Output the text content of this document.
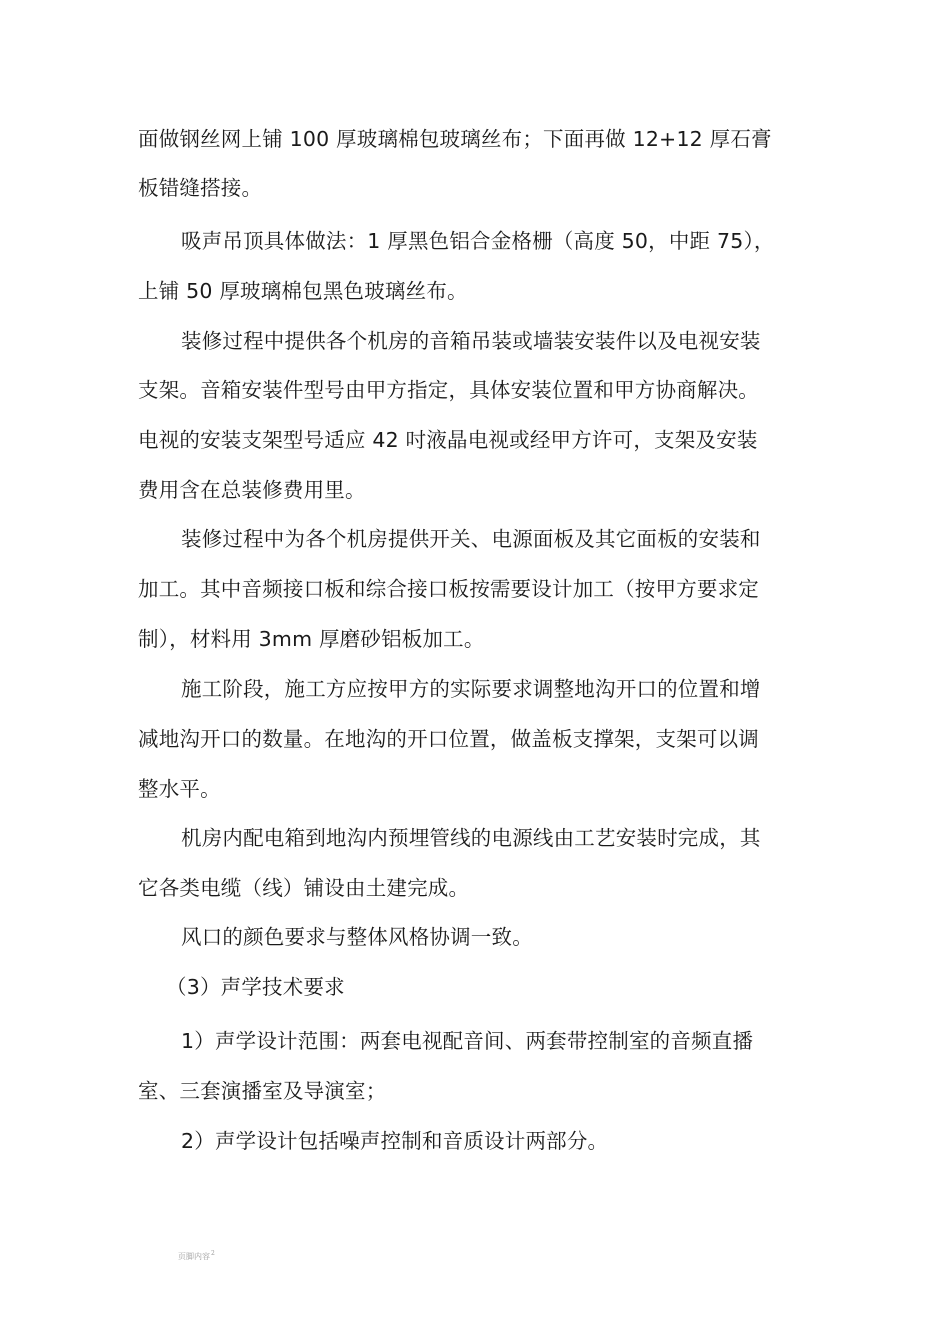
面做钢丝网上铺 100 厚玻璃棉包玻璃丝布；下面再做 12+12 厚石膏
板错缝搭接。
吸声吊顶具体做法：1 厚黑色铝合金格栅（高度 50，中距 75），
上铺 50 厚玻璃棉包黑色玻璃丝布。
装修过程中提供各个机房的音箱吊装或墙装安装件以及电视安装
支架。音箱安装件型号由甲方指定，具体安装位置和甲方协商解决。
电视的安装支架型号适应 42 吋液晶电视或经甲方许可，支架及安装
费用含在总装修费用里。
装修过程中为各个机房提供开关、电源面板及其它面板的安装和
加工。其中音频接口板和综合接口板按需要设计加工（按甲方要求定
制），材料用 3mm 厚磨砂铝板加工。
施工阶段，施工方应按甲方的实际要求调整地沟开口的位置和增
减地沟开口的数量。在地沟的开口位置，做盖板支撑架，支架可以调
整水平。
机房内配电箱到地沟内预埋管线的电源线由工艺安装时完成，其
它各类电缆（线）铺设由土建完成。
风口的颜色要求与整体风格协调一致。
（3）声学技术要求
1）声学设计范围：两套电视配音间、两套带控制室的音频直播
室、三套演播室及导演室；
2）声学设计包括噪声控制和音质设计两部分。
页脚内容$^2$
